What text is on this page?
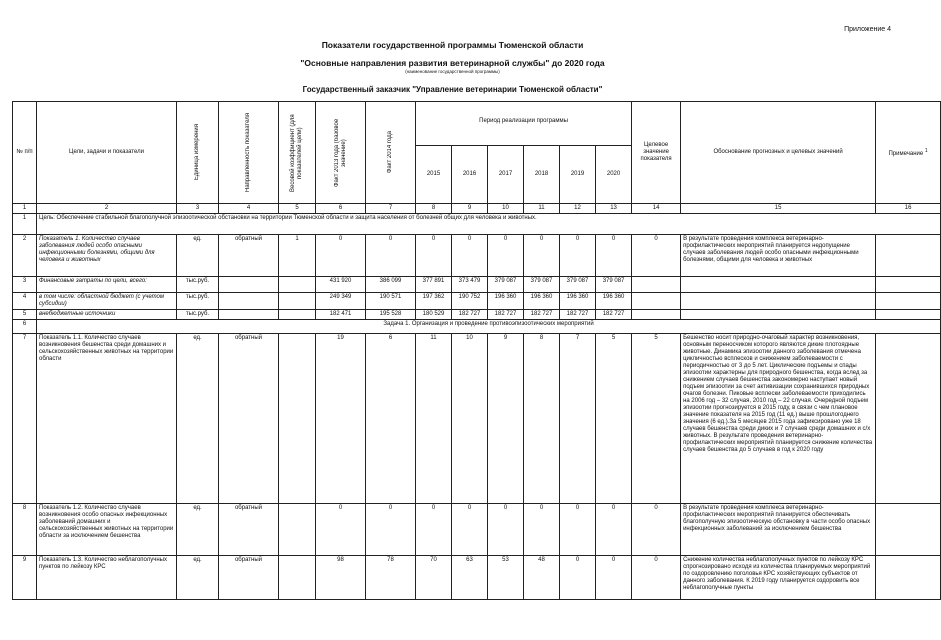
Приложение 4
Показатели государственной программы Тюменской области
"Основные направления развития ветеринарной службы" до 2020 года
(наименование государственной программы)
Государственный заказчик "Управление ветеринарии Тюменской области"
№ п/п	Цели, задачи и показатели	Единица измерения	Направленность показателя	Весовой коэффициент (для показателей цели)	Факт 2013 года (базовое значение)	Факт 2014 года	Период реализации программы						Целевое значение показателя	Обоснование прогнозных и целевых значений	Примечание $^1$
							2015	2016	2017	2018	2019	2020			
1	2	3	4	5	6	7	8	9	10	11	12	13	14	15	16
1	Цель: Обеспечение стабильной благополучной эпизоотической обстановки на территории Тюменской области и защита населения от болезней общих для человека и животных.														
2	Показатель 1. Количество случаев заболевания людей особо опасными инфекционными болезнями, общими для человека и животных	ед.	обратный	1	0	0	0	0	0	0	0	0	0	В результате проведения комплекса ветеринарно-профилактических мероприятий планируется недопущение случаев заболевания людей особо опасными инфекционными болезнями, общими для человека и животных	
3	Финансовые затраты по цели, всего:	тыс.руб.			431 920	386 099	377 891	373 479	379 087	379 087	379 087	379 087			
4	в том числе: областной бюджет (с учетом субсидии)	тыс.руб.			249 349	190 571	197 362	190 752	196 360	196 360	196 360	196 360			
5	внебюджетные источники	тыс.руб.			182 471	195 528	180 529	182 727	182 727	182 727	182 727	182 727			
6	Задача 1. Организация и проведение противоэпизоотических мероприятий														
7	Показатель 1.1. Количество случаев возникновения бешенства среди домашних и сельскохозяйственных животных на территории области	ед.	обратный		19	6	11	10	9	8	7	5	5	Бешенство носит природно-очаговый характер возникновения, основным переносчиком которого являются дикие плотоядные животные. Динамика эпизоотии данного заболевания отмечена цикличностью всплесков и снижением заболеваемости с периодичностью от 3 до 5 лет. Циклические подъемы и спады эпизоотии характерны для природного бешенства, когда вслед за снижением случаев бешенства закономерно наступает новый подъем эпизоотии за счет активизации сохранившихся природных очагов болезни. Пиковые всплески заболеваемости приходились на 2006 год – 32 случая, 2010 год – 22 случая. Очередной подъем эпизоотии прогнозируется в 2015 году, в связи с чем плановое значение показателя на 2015 год (11 ед.) выше прошлогоднего значения (6 ед.).За 5 месяцев 2015 года зафиксировано уже 18 случаев бешенства среди диких и 7 случаев среди домашних и с/х животных. В результате проведения ветеринарно-профилактических мероприятий планируется снижение количества случаев бешенства до 5 случаев в год к 2020 году	
8	Показатель 1.2. Количество случаев возникновения особо опасных инфекционных заболеваний домашних и сельскохозяйственных животных на территории области за исключением бешенства	ед.	обратный		0	0	0	0	0	0	0	0	0	В результате проведения комплекса ветеринарно-профилактических мероприятий планируется обеспечивать благополучную эпизоотическую обстановку в части особо опасных инфекционных заболеваний за исключением бешенства	
9	Показатель 1.3. Количество неблагополучных пунктов по лейкозу КРС	ед.	обратный		98	78	70	63	53	48	0	0	0	Снижение количества неблагополучных пунктов по лейкозу КРС спрогнозировано исходя из количества планируемых мероприятий по оздоровлению поголовья КРС хозяйствующих субъектов от данного заболевания. К 2019 году планируется оздоровить все неблагополучные пункты	
